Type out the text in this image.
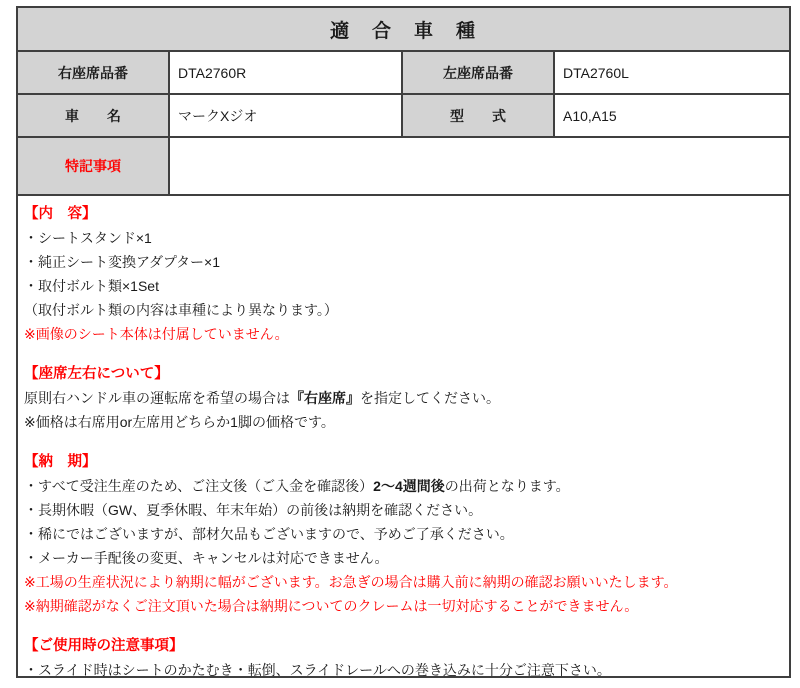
適　合　車　種
右座席品番	DTA2760R	左座席品番	DTA2760L
車　　名	マークXジオ	型　　式	A10,A15
特記事項
【内　容】
・シートスタンド×1
・純正シート変換アダプター×1
・取付ボルト類×1Set
（取付ボルト類の内容は車種により異なります。）
※画像のシート本体は付属していません。
【座席左右について】
原則右ハンドル車の運転席を希望の場合は『右座席』を指定してください。
※価格は右席用or左席用どちらか1脚の価格です。
【納　期】
・すべて受注生産のため、ご注文後（ご入金を確認後）2～4週間後の出荷となります。
・長期休暇（GW、夏季休暇、年末年始）の前後は納期を確認ください。
・稀にではございますが、部材欠品もございますので、予めご了承ください。
・メーカー手配後の変更、キャンセルは対応できません。
※工場の生産状況により納期に幅がございます。お急ぎの場合は購入前に納期の確認お願いいたします。
※納期確認がなくご注文頂いた場合は納期についてのクレームは一切対応することができません。
【ご使用時の注意事項】
・スライド時はシートのかたむき・転倒、スライドレールへの巻き込みに十分ご注意下さい。
